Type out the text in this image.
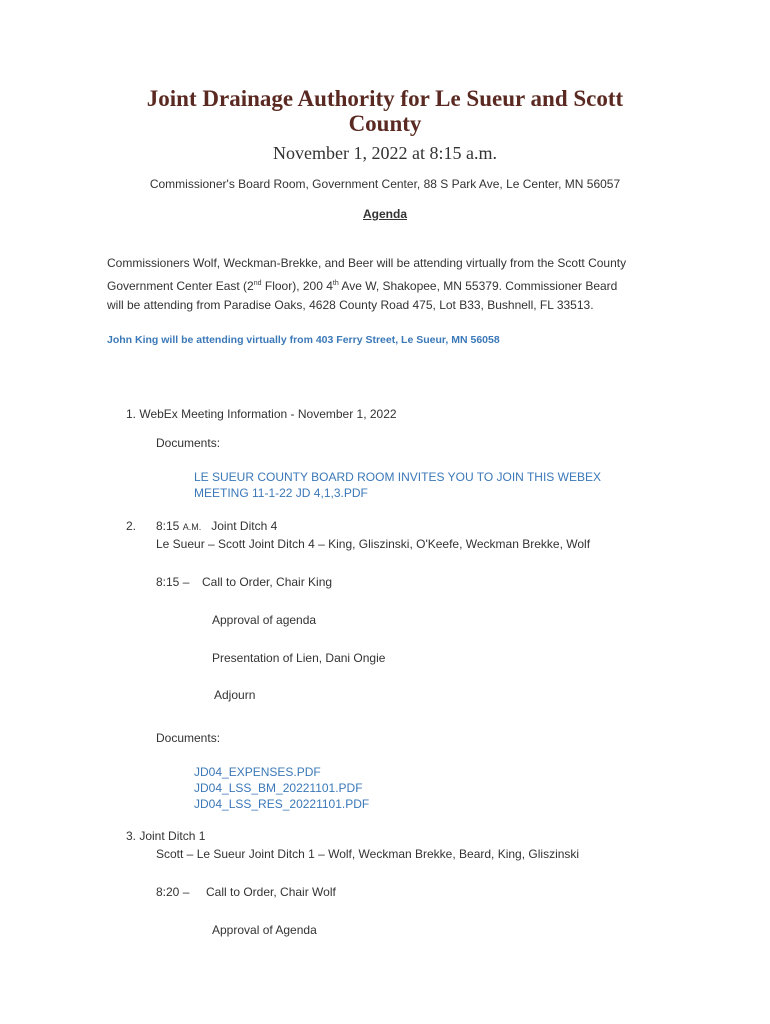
Joint Drainage Authority for Le Sueur and Scott
County
November 1, 2022 at 8:15 a.m.
Commissioner's Board Room, Government Center, 88 S Park Ave, Le Center, MN 56057
Agenda
Commissioners Wolf, Weckman-Brekke, and Beer will be attending virtually from the Scott County
Government Center East (2nd Floor), 200 4th Ave W, Shakopee, MN 55379. Commissioner Beard
will be attending from Paradise Oaks, 4628 County Road 475, Lot B33, Bushnell, FL 33513.
John King will be attending virtually from 403 Ferry Street, Le Sueur, MN 56058
1. WebEx Meeting Information - November 1, 2022
Documents:
LE SUEUR COUNTY BOARD ROOM INVITES YOU TO JOIN THIS WEBEX
MEETING 11-1-22 JD 4,1,3.PDF
2. 8:15 A.M. Joint Ditch 4
Le Sueur – Scott Joint Ditch 4 – King, Gliszinski, O'Keefe, Weckman Brekke, Wolf
8:15 – Call to Order, Chair King
Approval of agenda
Presentation of Lien, Dani Ongie
Adjourn
Documents:
JD04_EXPENSES.PDF
JD04_LSS_BM_20221101.PDF
JD04_LSS_RES_20221101.PDF
3. Joint Ditch 1
Scott – Le Sueur Joint Ditch 1 – Wolf, Weckman Brekke, Beard, King, Gliszinski
8:20 – Call to Order, Chair Wolf
Approval of Agenda
